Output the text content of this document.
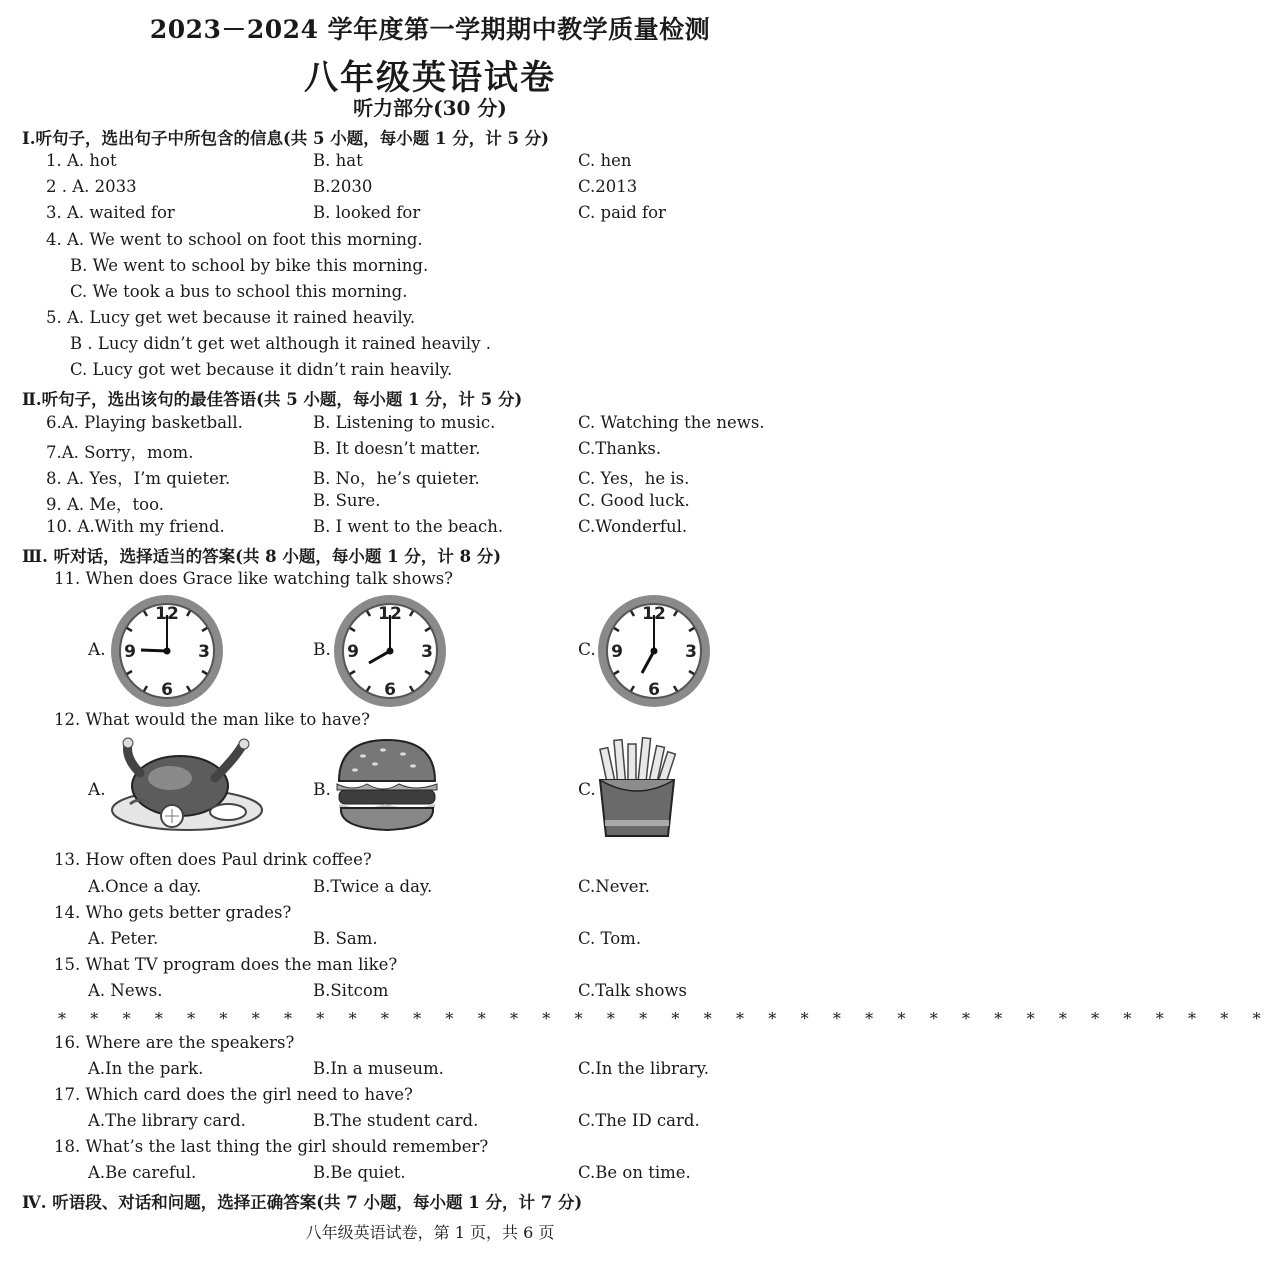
2023－2024 学年度第一学期期中教学质量检测
八年级英语试卷
听力部分(30 分)
Ⅰ.听句子，选出句子中所包含的信息(共 5 小题，每小题 1 分，计 5 分)
1. A. hot	B. hat	C. hen
2 . A. 2033	B.2030	C.2013
3. A. waited for	B. looked for	C. paid for
4. A. We went to school on foot this morning.
B. We went to school by bike this morning.
C. We took a bus to school this morning.
5. A. Lucy get wet because it rained heavily.
B . Lucy didn’t get wet although it rained heavily .
C. Lucy got wet because it didn’t rain heavily.
Ⅱ.听句子，选出该句的最佳答语(共 5 小题，每小题 1 分，计 5 分)
6.A. Playing basketball.	B. Listening to music.	C. Watching the news.
7.A. Sorry，mom.	B. It doesn’t matter.	C.Thanks.
8. A. Yes，I’m quieter.	B. No，he’s quieter.	C. Yes，he is.
9. A. Me，too.	B. Sure.	C. Good luck.
10. A.With my friend.	B. I went to the beach.	C.Wonderful.
Ⅲ. 听对话，选择适当的答案(共 8 小题，每小题 1 分，计 8 分)
11. When does Grace like watching talk shows?
A.	B.	C.
12
3
6
9
12
3
6
9
12
3
6
9
12. What would the man like to have?
A.	B.	C.
13. How often does Paul drink coffee?
A.Once a day.	B.Twice a day.	C.Never.
14. Who gets better grades?
A. Peter.	B. Sam.	C. Tom.
15. What TV program does the man like?
A. News.	B.Sitcom	C.Talk shows
* * * * * * * * * * * * * * * * * * * * * * * * * * * * * * * * * * * * * *
16. Where are the speakers?
A.In the park.	B.In a museum.	C.In the library.
17. Which card does the girl need to have?
A.The library card.	B.The student card.	C.The ID card.
18. What’s the last thing the girl should remember?
A.Be careful.	B.Be quiet.	C.Be on time.
Ⅳ. 听语段、对话和问题，选择正确答案(共 7 小题，每小题 1 分，计 7 分)
八年级英语试卷，第 1 页，共 6 页
